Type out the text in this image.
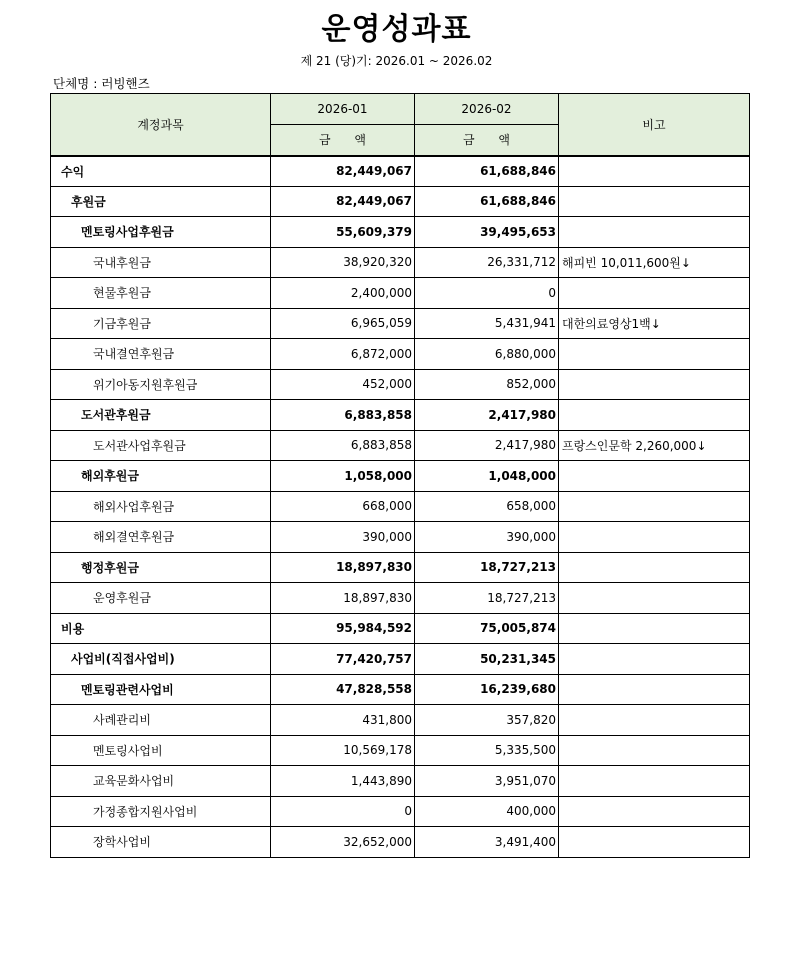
운영성과표
제 21 (당)기: 2026.01 ~ 2026.02
단체명 : 러빙핸즈
계정과목	2026-01	2026-02	비고
	금 액	금 액	
수익	82,449,067	61,688,846	
후원금	82,449,067	61,688,846	
멘토링사업후원금	55,609,379	39,495,653	
국내후원금	38,920,320	26,331,712	해피빈 10,011,600원↓
현물후원금	2,400,000	0	
기금후원금	6,965,059	5,431,941	대한의료영상1백↓
국내결연후원금	6,872,000	6,880,000	
위기아동지원후원금	452,000	852,000	
도서관후원금	6,883,858	2,417,980	
도서관사업후원금	6,883,858	2,417,980	프랑스인문학 2,260,000↓
해외후원금	1,058,000	1,048,000	
해외사업후원금	668,000	658,000	
해외결연후원금	390,000	390,000	
행정후원금	18,897,830	18,727,213	
운영후원금	18,897,830	18,727,213	
비용	95,984,592	75,005,874	
사업비(직접사업비)	77,420,757	50,231,345	
멘토링관련사업비	47,828,558	16,239,680	
사례관리비	431,800	357,820	
멘토링사업비	10,569,178	5,335,500	
교육문화사업비	1,443,890	3,951,070	
가정종합지원사업비	0	400,000	
장학사업비	32,652,000	3,491,400	
